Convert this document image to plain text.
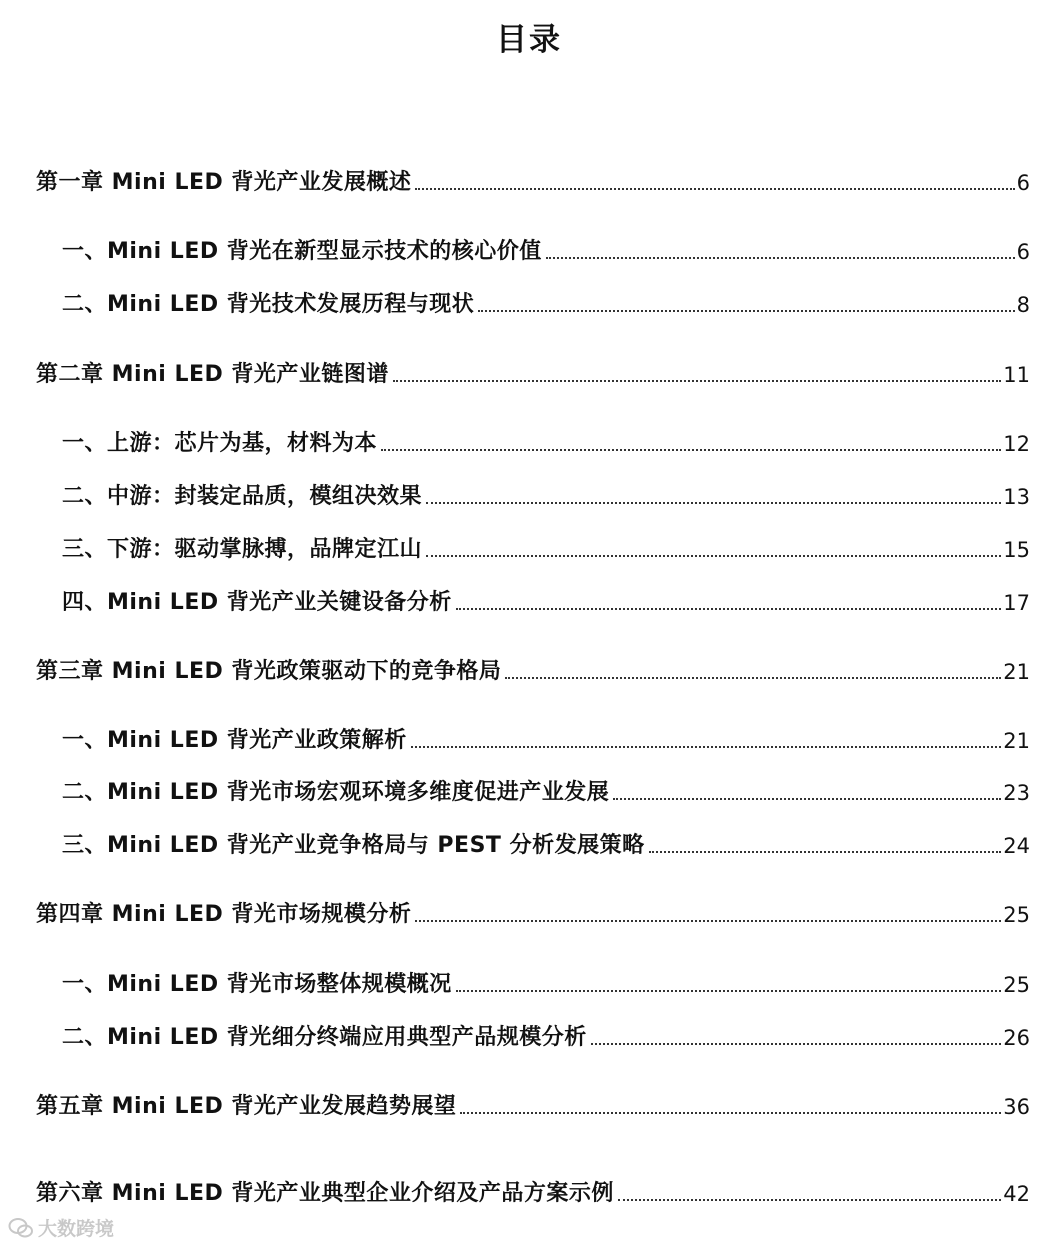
目录
第一章 Mini LED 背光产业发展概述	6
一、Mini LED 背光在新型显示技术的核心价值	6
二、Mini LED 背光技术发展历程与现状	8
第二章 Mini LED 背光产业链图谱	11
一、上游：芯片为基，材料为本	12
二、中游：封装定品质，模组决效果	13
三、下游：驱动掌脉搏，品牌定江山	15
四、Mini LED 背光产业关键设备分析	17
第三章 Mini LED 背光政策驱动下的竞争格局	21
一、Mini LED 背光产业政策解析	21
二、Mini LED 背光市场宏观环境多维度促进产业发展	23
三、Mini LED 背光产业竞争格局与 PEST 分析发展策略	24
第四章 Mini LED 背光市场规模分析	25
一、Mini LED 背光市场整体规模概况	25
二、Mini LED 背光细分终端应用典型产品规模分析	26
第五章 Mini LED 背光产业发展趋势展望	36
第六章 Mini LED 背光产业典型企业介绍及产品方案示例	42
大数跨境
